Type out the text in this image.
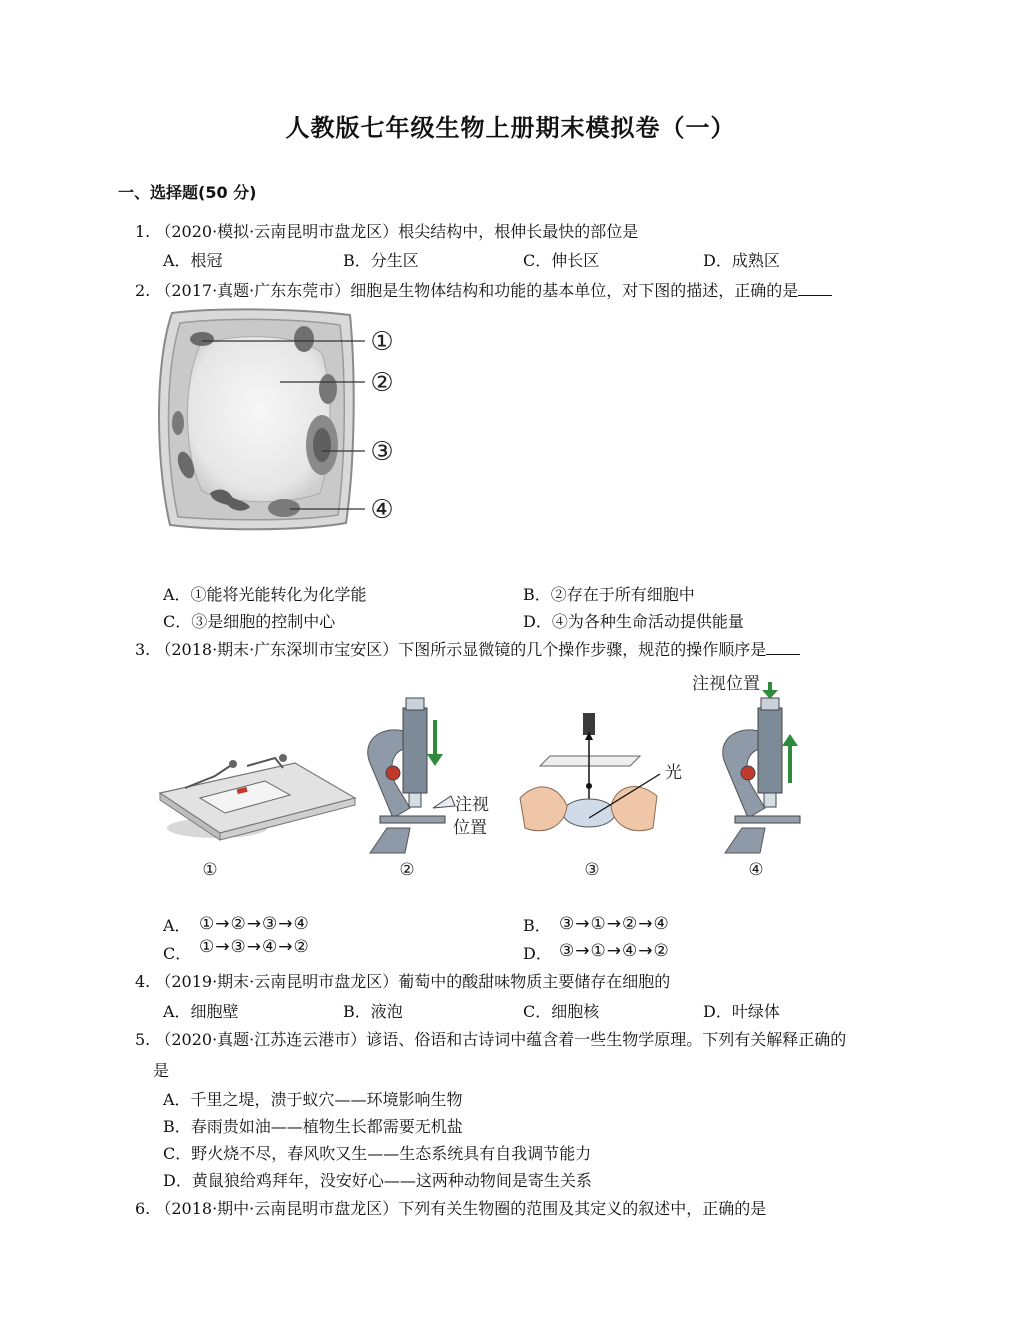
人教版七年级生物上册期末模拟卷（一）
一、选择题(50 分)
1. （2020·模拟·云南昆明市盘龙区）根尖结构中，根伸长最快的部位是
A．根冠	B．分生区	C．伸长区	D．成熟区
2. （2017·真题·广东东莞市）细胞是生物体结构和功能的基本单位，对下图的描述，正确的是
①
②
③
④
A．①能将光能转化为化学能	B．②存在于所有细胞中
C．③是细胞的控制中心	D．④为各种生命活动提供能量
3. （2018·期末·广东深圳市宝安区）下图所示显微镜的几个操作步骤，规范的操作顺序是
①
注视
位置
②
光
③
注视位置
④
A． ①→②→③→④	B． ③→①→②→④
C． ①→③→④→②	D． ③→①→④→②
4. （2019·期末·云南昆明市盘龙区）葡萄中的酸甜味物质主要储存在细胞的
A．细胞壁	B．液泡	C．细胞核	D．叶绿体
5. （2020·真题·江苏连云港市）谚语、俗语和古诗词中蕴含着一些生物学原理。下列有关解释正确的
是
A．千里之堤，溃于蚁穴——环境影响生物
B．春雨贵如油——植物生长都需要无机盐
C．野火烧不尽，春风吹又生——生态系统具有自我调节能力
D．黄鼠狼给鸡拜年，没安好心——这两种动物间是寄生关系
6. （2018·期中·云南昆明市盘龙区）下列有关生物圈的范围及其定义的叙述中，正确的是
